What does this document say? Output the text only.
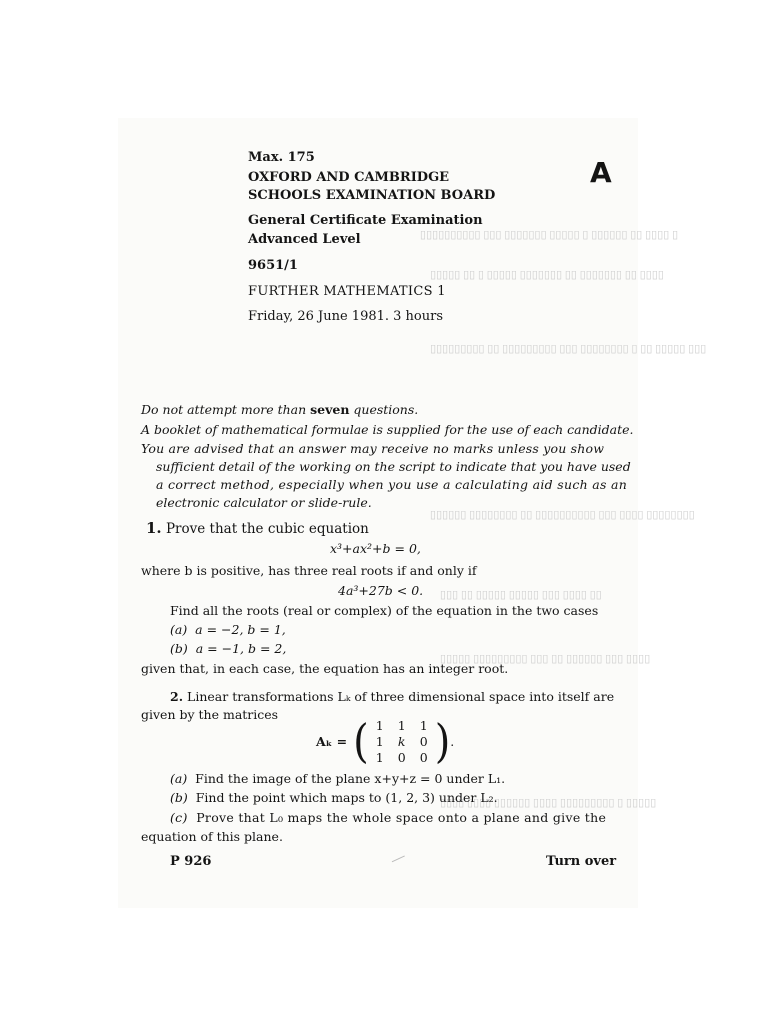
▯ ▯▯▯▯ ▯▯ ▯▯▯▯▯▯ ▯ ▯▯▯▯▯ ▯▯▯▯▯▯▯ ▯▯▯ ▯▯▯▯▯▯▯▯▯▯
▯▯▯▯ ▯▯ ▯▯▯▯▯▯▯ ▯▯ ▯▯▯▯▯▯▯ ▯▯▯▯▯ ▯ ▯▯ ▯▯▯▯▯
▯▯▯ ▯▯▯▯▯ ▯▯ ▯ ▯▯▯▯▯▯▯▯ ▯▯▯ ▯▯▯▯▯▯▯▯▯ ▯▯ ▯▯▯▯▯▯▯▯▯
▯▯▯▯▯▯▯▯ ▯▯▯▯ ▯▯▯ ▯▯▯▯▯▯▯▯▯▯ ▯▯ ▯▯▯▯▯▯▯▯ ▯▯▯▯▯▯
▯▯ ▯▯▯▯ ▯▯▯ ▯▯▯▯▯ ▯▯▯▯▯ ▯▯ ▯▯▯
▯▯▯▯ ▯▯▯ ▯▯▯▯▯▯ ▯▯ ▯▯▯ ▯▯▯▯▯▯▯▯▯ ▯▯▯▯▯
▯▯▯▯▯ ▯ ▯▯▯▯▯▯▯▯▯ ▯▯▯▯ ▯▯▯▯▯▯ ▯▯▯▯ ▯▯▯▯
Max. 175
OXFORD AND CAMBRIDGE
SCHOOLS EXAMINATION BOARD
A
General Certificate Examination
Advanced Level
9651/1
FURTHER MATHEMATICS 1
Friday, 26 June 1981. 3 hours
Do not attempt more than seven questions.
A booklet of mathematical formulae is supplied for the use of each candidate.
You are advised that an answer may receive no marks unless you show
sufficient detail of the working on the script to indicate that you have used
a correct method, especially when you use a calculating aid such as an
electronic calculator or slide-rule.
1. Prove that the cubic equation
x³+ax²+b = 0,
where b is positive, has three real roots if and only if
4a³+27b < 0.
Find all the roots (real or complex) of the equation in the two cases
(a) a = −2, b = 1,
(b) a = −1, b = 2,
given that, in each case, the equation has an integer root.
2. Linear transformations Lₖ of three dimensional space into itself are
given by the matrices
Aₖ = ( 1	1	1
1	k	0
1	0	0 ) .
(a) Find the image of the plane x+y+z = 0 under L₁.
(b) Find the point which maps to (1, 2, 3) under L₂.
(c) Prove that L₀ maps the whole space onto a plane and give the
equation of this plane.
P 926	Turn over
